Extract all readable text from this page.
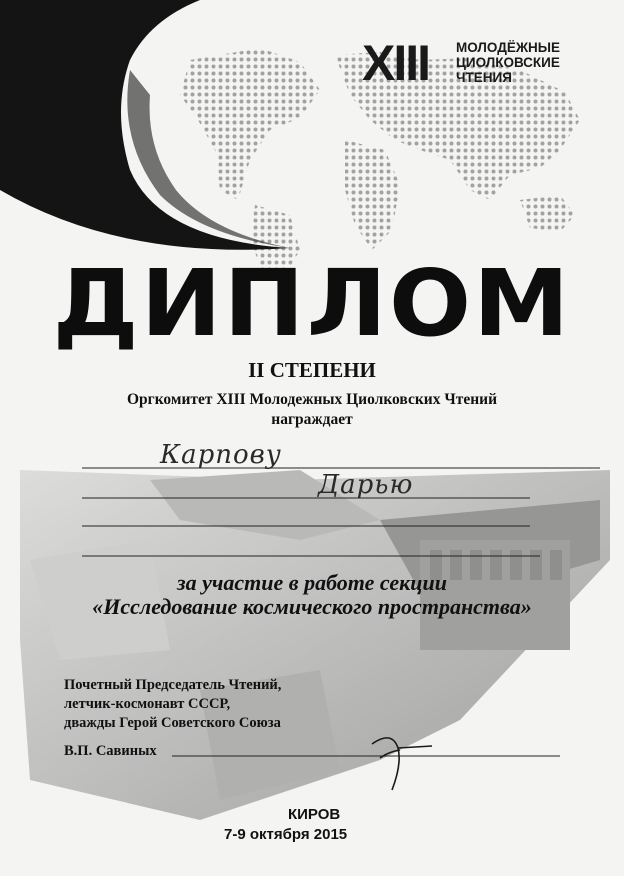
XIII МОЛОДЁЖНЫЕ
ЦИОЛКОВСКИЕ
ЧТЕНИЯ
ДИПЛОМ
II СТЕПЕНИ
Оргкомитет XIII Молодежных Циолковских Чтений
награждает
Карпову
Дарью
за участие в работе секции
«Исследование космического пространства»
Почетный Председатель Чтений,
летчик-космонавт СССР,
дважды Герой Советского Союза
В.П. Савиных
КИРОВ
7-9 октября 2015
